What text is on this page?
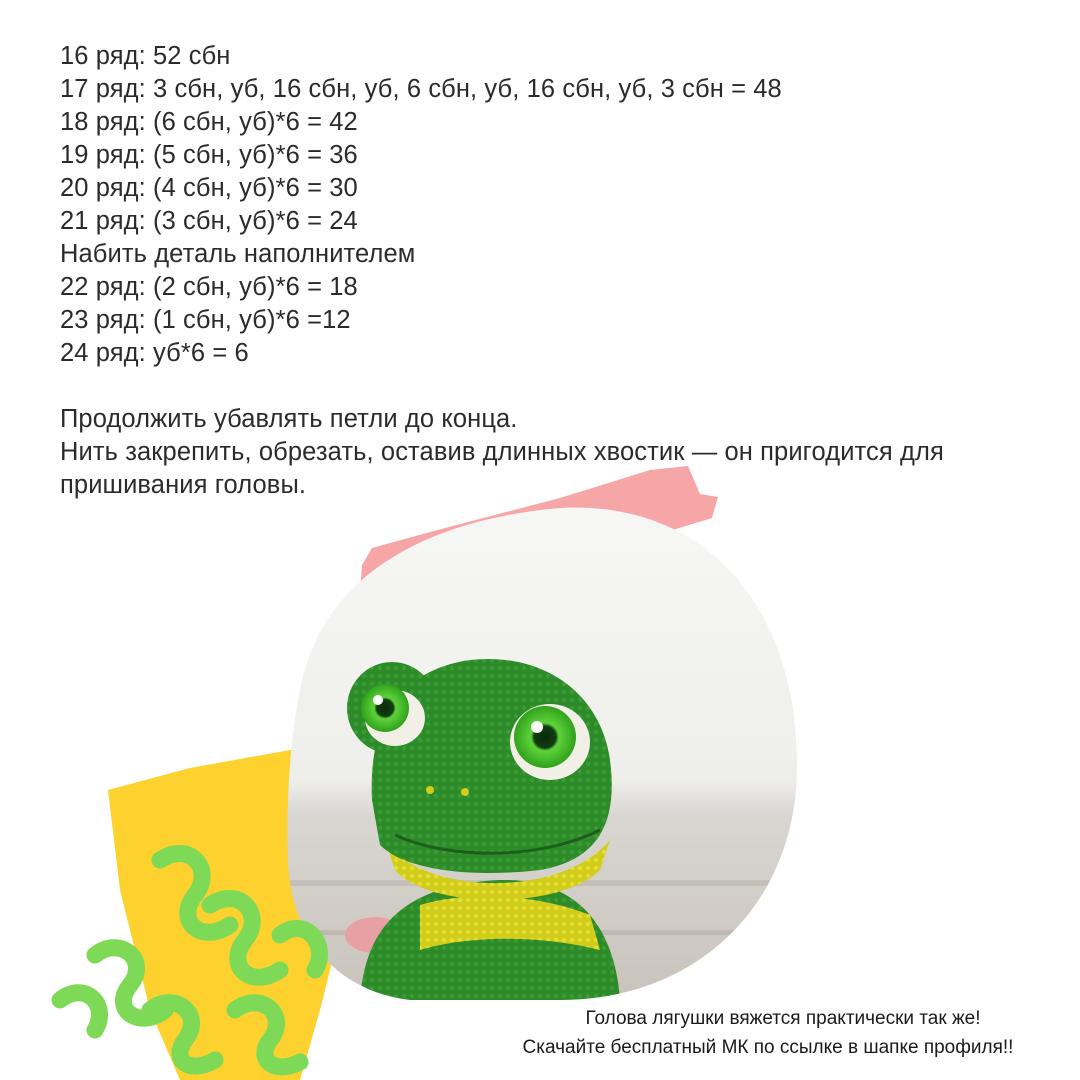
16 ряд: 52 сбн
17 ряд: 3 сбн, уб, 16 сбн, уб, 6 сбн, уб, 16 сбн, уб, 3 сбн = 48
18 ряд: (6 сбн, уб)*6 = 42
19 ряд: (5 сбн, уб)*6 = 36
20 ряд: (4 сбн, уб)*6 = 30
21 ряд: (3 сбн, уб)*6 = 24
Набить деталь наполнителем
22 ряд: (2 сбн, уб)*6 = 18
23 ряд: (1 сбн, уб)*6 =12
24 ряд: уб*6 = 6
Продолжить убавлять петли до конца.
Нить закрепить, обрезать, оставив длинных хвостик — он пригодится для пришивания головы.
Голова лягушки вяжется практически так же!
Скачайте бесплатный МК по ссылке в шапке профиля!!
